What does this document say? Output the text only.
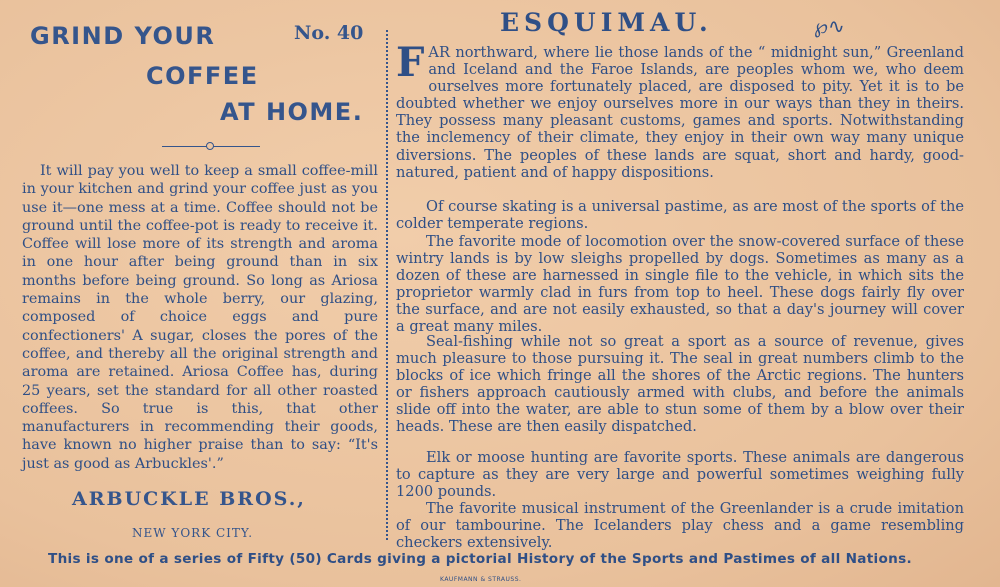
GRIND YOUR	No. 40
COFFEE
AT HOME.

It will pay you well to keep a small coffee-mill in your kitchen and grind your coffee just as you use it—one mess at a time. Coffee should not be ground until the coffee-pot is ready to receive it. Coffee will lose more of its strength and aroma in one hour after being ground than in six months before being ground. So long as Ariosa remains in the whole berry, our glazing, composed of choice eggs and pure confectioners' A sugar, closes the pores of the coffee, and thereby all the original strength and aroma are retained. Ariosa Coffee has, during 25 years, set the standard for all other roasted coffees. So true is this, that other manufacturers in recommending their goods, have known no higher praise than to say: “It's just as good as Arbuckles'.”

ARBUCKLE BROS.,
NEW YORK CITY.
ESQUIMAU.	℘∿

FAR northward, where lie those lands of the “ midnight sun,” Greenland and Iceland and the Faroe Islands, are peoples whom we, who deem ourselves more fortunately placed, are disposed to pity. Yet it is to be doubted whether we enjoy ourselves more in our ways than they in theirs. They possess many pleasant customs, games and sports. Notwithstanding the inclemency of their climate, they enjoy in their own way many unique diversions. The peoples of these lands are squat, short and hardy, good-natured, patient and of happy dispositions.

Of course skating is a universal pastime, as are most of the sports of the colder temperate regions.

The favorite mode of locomotion over the snow-covered surface of these wintry lands is by low sleighs propelled by dogs. Sometimes as many as a dozen of these are harnessed in single file to the vehicle, in which sits the proprietor warmly clad in furs from top to heel. These dogs fairly fly over the surface, and are not easily exhausted, so that a day's journey will cover a great many miles.

Seal-fishing while not so great a sport as a source of revenue, gives much pleasure to those pursuing it. The seal in great numbers climb to the blocks of ice which fringe all the shores of the Arctic regions. The hunters or fishers approach cautiously armed with clubs, and before the animals slide off into the water, are able to stun some of them by a blow over their heads. These are then easily dispatched.

Elk or moose hunting are favorite sports. These animals are dangerous to capture as they are very large and powerful sometimes weighing fully 1200 pounds.

The favorite musical instrument of the Greenlander is a crude imitation of our tambourine. The Icelanders play chess and a game resembling checkers extensively.

This is one of a series of Fifty (50) Cards giving a pictorial History of the Sports and Pastimes of all Nations.
KAUFMANN & STRAUSS.
